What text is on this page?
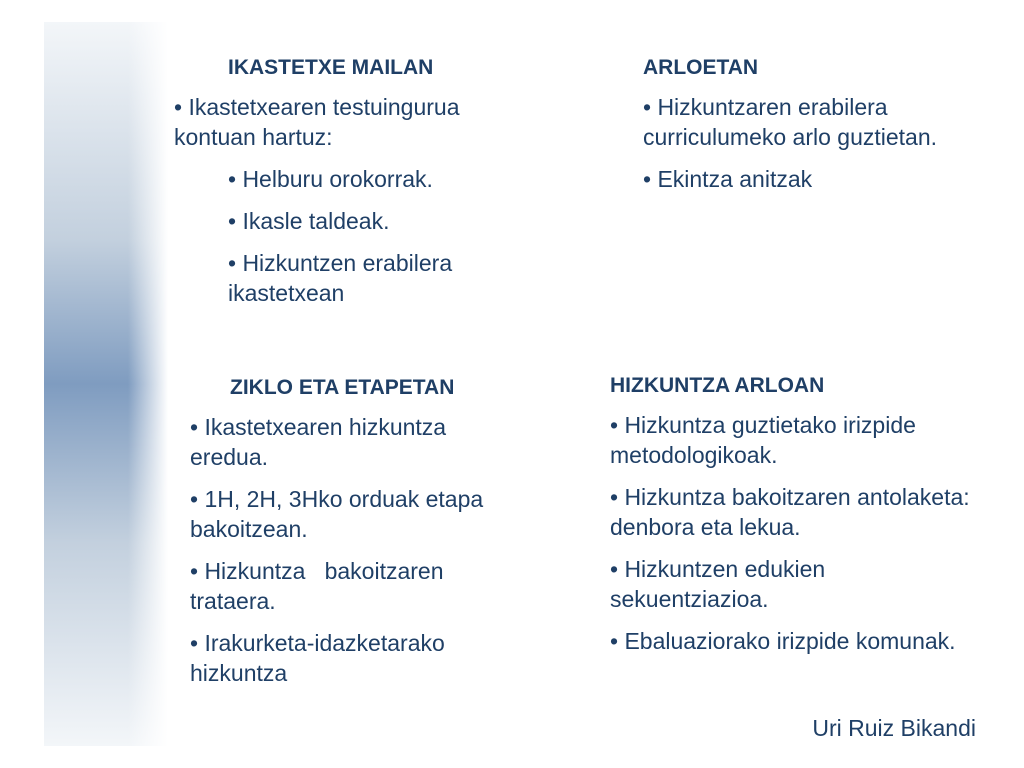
IKASTETXE MAILAN
• Ikastetxearen testuingurua kontuan hartuz:
• Helburu orokorrak.
• Ikasle taldeak.
• Hizkuntzen erabilera ikastetxean
ARLOETAN
• Hizkuntzaren erabilera curriculumeko arlo guztietan.
• Ekintza anitzak
ZIKLO ETA ETAPETAN
• Ikastetxearen hizkuntza eredua.
• 1H, 2H, 3Hko orduak etapa bakoitzean.
• Hizkuntza   bakoitzaren trataera.
• Irakurketa-idazketarako hizkuntza
HIZKUNTZA ARLOAN
• Hizkuntza guztietako irizpide metodologikoak.
• Hizkuntza bakoitzaren antolaketa:  denbora eta lekua.
• Hizkuntzen edukien sekuentziazioa.
• Ebaluaziorako irizpide komunak.
Uri Ruiz Bikandi
